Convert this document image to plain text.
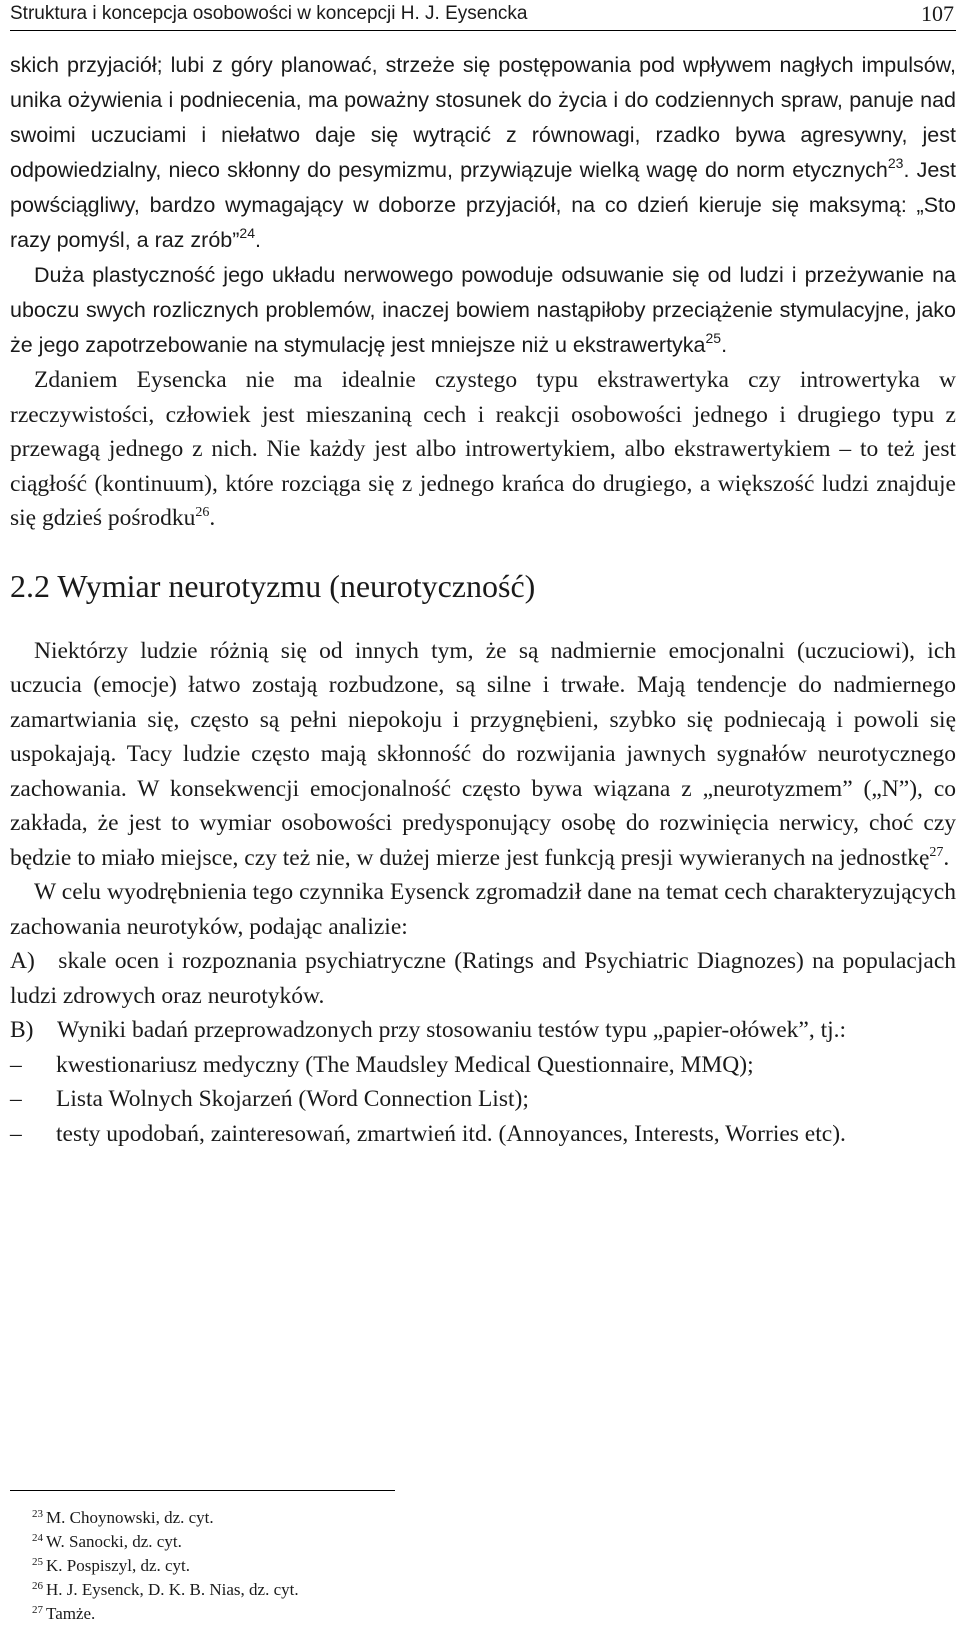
Struktura i koncepcja osobowości w koncepcji H. J. Eysencka	107

skich przyjaciół; lubi z góry planować, strzeże się postępowania pod wpływem nagłych impulsów, unika ożywienia i podniecenia, ma poważny stosunek do życia i do codziennych spraw, panuje nad swoimi uczuciami i niełatwo daje się wytrącić z równowagi, rzadko bywa agresywny, jest odpowiedzialny, nieco skłonny do pesymizmu, przywiązuje wielką wagę do norm etycznych$^{23}$. Jest powściągliwy, bardzo wymagający w doborze przyjaciół, na co dzień kieruje się maksymą: „Sto razy pomyśl, a raz zrób”$^{24}$.

Duża plastyczność jego układu nerwowego powoduje odsuwanie się od ludzi i przeżywanie na uboczu swych rozlicznych problemów, inaczej bowiem nastąpiłoby przeciążenie stymulacyjne, jako że jego zapotrzebowanie na stymulację jest mniejsze niż u ekstrawertyka$^{25}$.

Zdaniem Eysencka nie ma idealnie czystego typu ekstrawertyka czy introwertyka w rzeczywistości, człowiek jest mieszaniną cech i reakcji osobowości jednego i drugiego typu z przewagą jednego z nich. Nie każdy jest albo introwertykiem, albo ekstrawertykiem – to też jest ciągłość (kontinuum), które rozciąga się z jednego krańca do drugiego, a większość ludzi znajduje się gdzieś pośrodku$^{26}$.

2.2 Wymiar neurotyzmu (neurotyczność)

Niektórzy ludzie różnią się od innych tym, że są nadmiernie emocjonalni (uczuciowi), ich uczucia (emocje) łatwo zostają rozbudzone, są silne i trwałe. Mają tendencje do nadmiernego zamartwiania się, często są pełni niepokoju i przygnębieni, szybko się podniecają i powoli się uspokajają. Tacy ludzie często mają skłonność do rozwijania jawnych sygnałów neurotycznego zachowania. W konsekwencji emocjonalność często bywa wiązana z „neurotyzmem” („N”), co zakłada, że jest to wymiar osobowości predysponujący osobę do rozwinięcia nerwicy, choć czy będzie to miało miejsce, czy też nie, w dużej mierze jest funkcją presji wywieranych na jednostkę$^{27}$.

W celu wyodrębnienia tego czynnika Eysenck zgromadził dane na temat cech charakteryzujących zachowania neurotyków, podając analizie:

A) skale ocen i rozpoznania psychiatryczne (Ratings and Psychiatric Diagnozes) na populacjach ludzi zdrowych oraz neurotyków.

B) Wyniki badań przeprowadzonych przy stosowaniu testów typu „papier-ołówek”, tj.:

– kwestionariusz medyczny (The Maudsley Medical Questionnaire, MMQ);

– Lista Wolnych Skojarzeń (Word Connection List);

– testy upodobań, zainteresowań, zmartwień itd. (Annoyances, Interests, Worries etc).

$^{23}$ M. Choynowski, dz. cyt.
$^{24}$ W. Sanocki, dz. cyt.
$^{25}$ K. Pospiszyl, dz. cyt.
$^{26}$ H. J. Eysenck, D. K. B. Nias, dz. cyt.
$^{27}$ Tamże.
